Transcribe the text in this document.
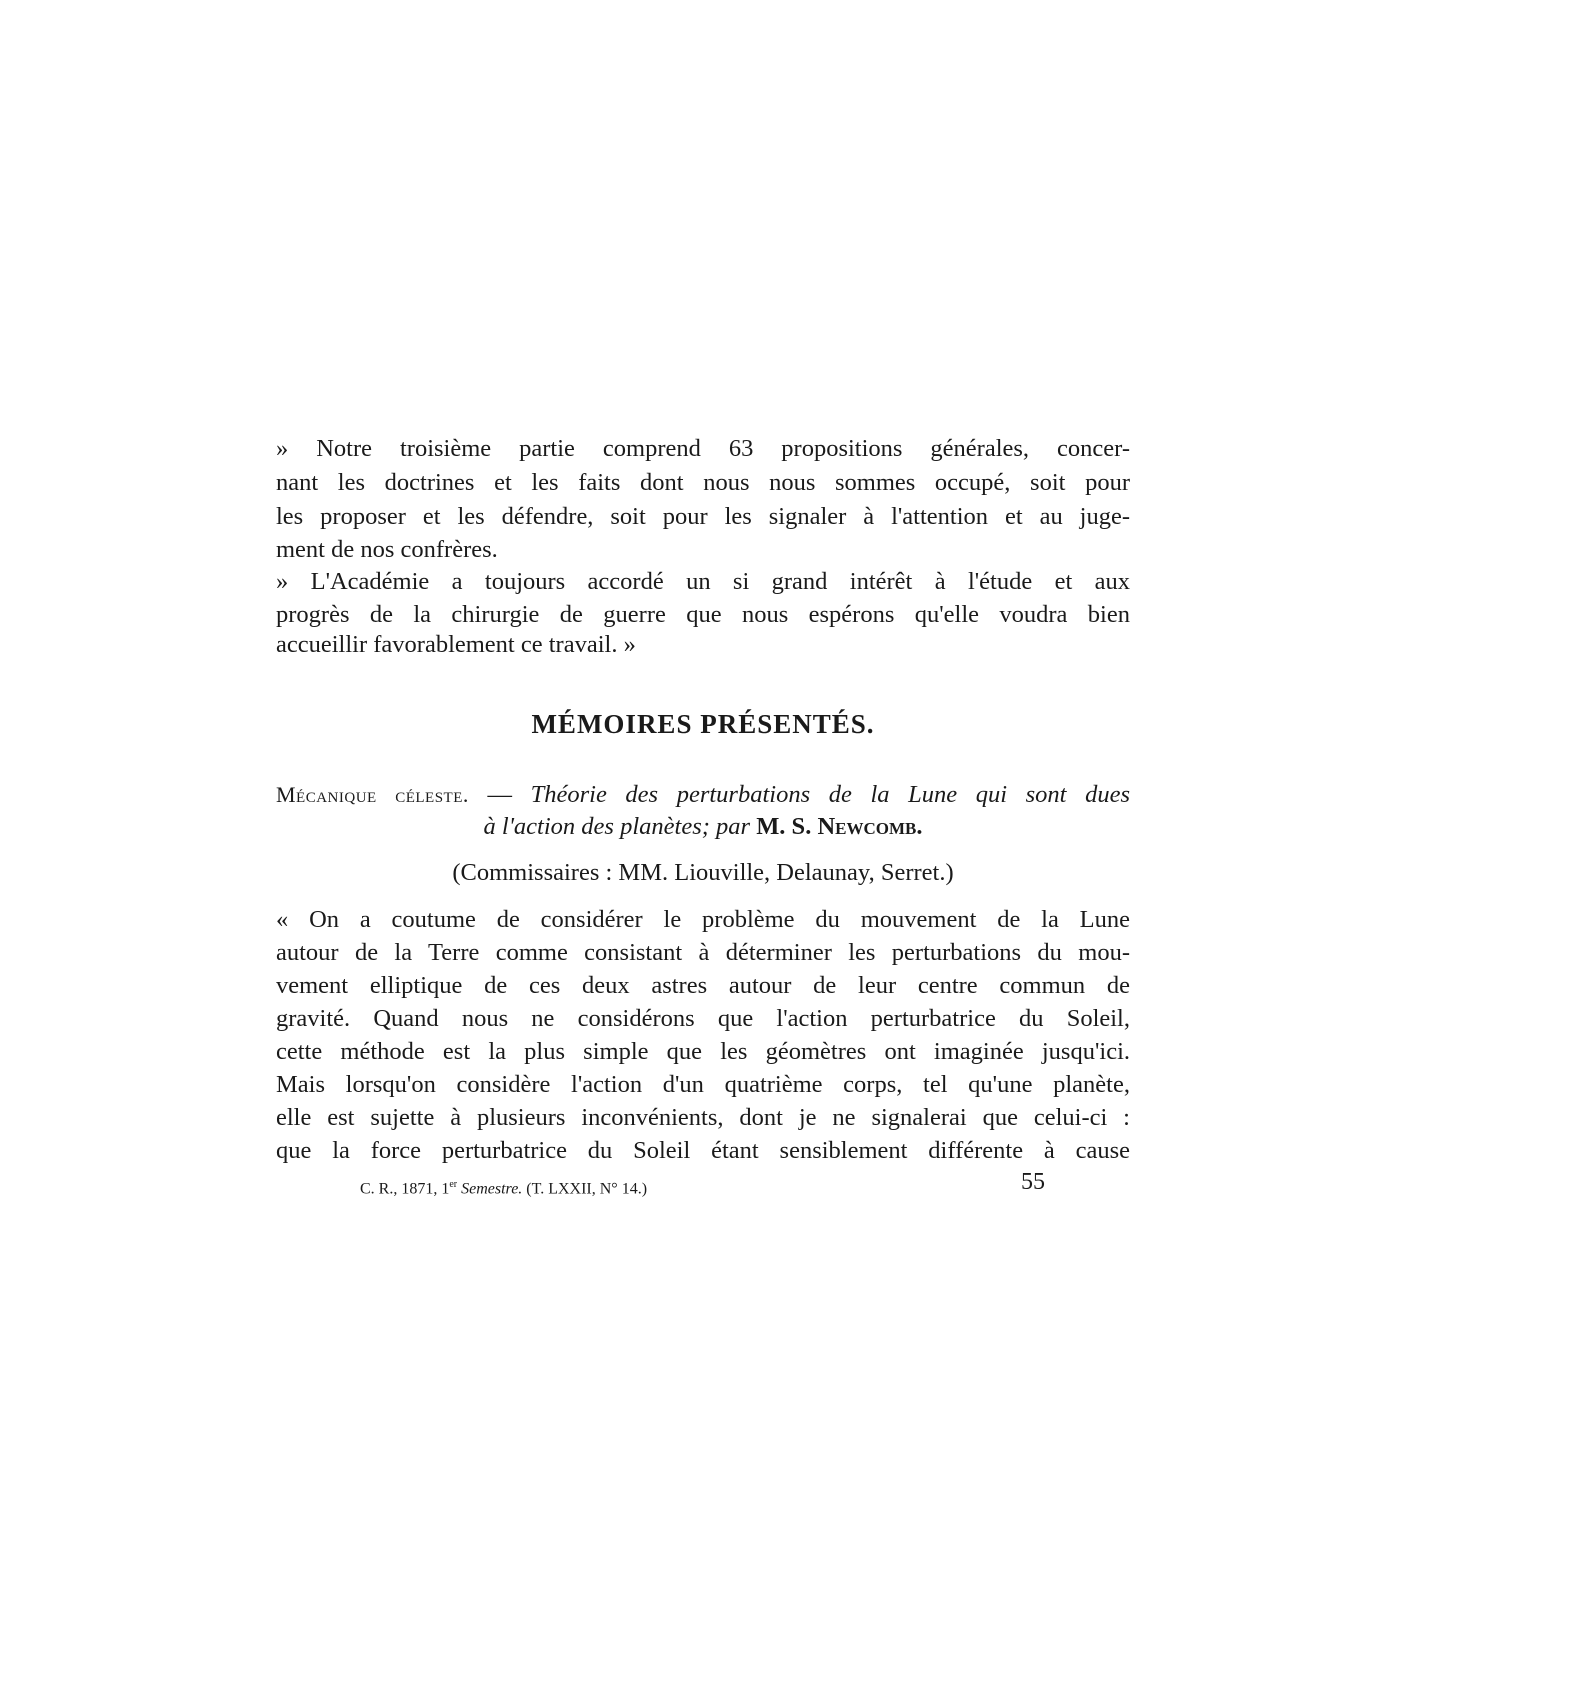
» Notre troisième partie comprend 63 propositions générales, concer-
nant les doctrines et les faits dont nous nous sommes occupé, soit pour
les proposer et les défendre, soit pour les signaler à l'attention et au juge-
ment de nos confrères.
» L'Académie a toujours accordé un si grand intérêt à l'étude et aux
progrès de la chirurgie de guerre que nous espérons qu'elle voudra bien
accueillir favorablement ce travail. »
MÉMOIRES PRÉSENTÉS.
Mécanique céleste. — Théorie des perturbations de la Lune qui sont dues
à l'action des planètes; par M. S. Newcomb.
(Commissaires : MM. Liouville, Delaunay, Serret.)
« On a coutume de considérer le problème du mouvement de la Lune
autour de la Terre comme consistant à déterminer les perturbations du mou-
vement elliptique de ces deux astres autour de leur centre commun de
gravité. Quand nous ne considérons que l'action perturbatrice du Soleil,
cette méthode est la plus simple que les géomètres ont imaginée jusqu'ici.
Mais lorsqu'on considère l'action d'un quatrième corps, tel qu'une planète,
elle est sujette à plusieurs inconvénients, dont je ne signalerai que celui-ci :
que la force perturbatrice du Soleil étant sensiblement différente à cause
C. R., 1871, 1er Semestre. (T. LXXII, N° 14.)	55
